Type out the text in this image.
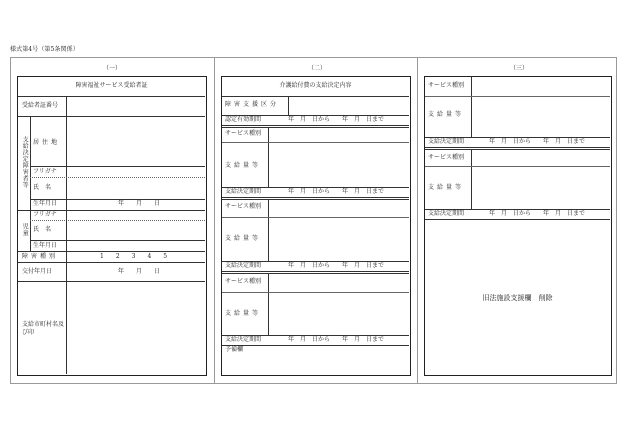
様式第4号（第5条関係）
（一）	（二）	（三）
障害福祉サービス受給者証
受給者証番号
支給決定障害者等 居住地
フリガナ
氏名
生年月日	年　　月　　日
児童
フリガナ
氏名
生年月日
障害種別	1　　2　　3　　4　　5
交付年月日	年　　月　　日
支給市町村名及び印
介護給付費の支給決定内容
障害支援区分
認定有効期間	年　月　日から　　年　月　日まで
サービス種別
支給量等
支給決定期間	年　月　日から　　年　月　日まで
サービス種別
支給量等
支給決定期間	年　月　日から　　年　月　日まで
サービス種別
支給量等
支給決定期間	年　月　日から　　年　月　日まで
予備欄
サービス種別
支給量等
支給決定期間	年　月　日から　　年　月　日まで
サービス種別
支給量等
支給決定期間	年　月　日から　　年　月　日まで
旧法施設支援欄　削除
